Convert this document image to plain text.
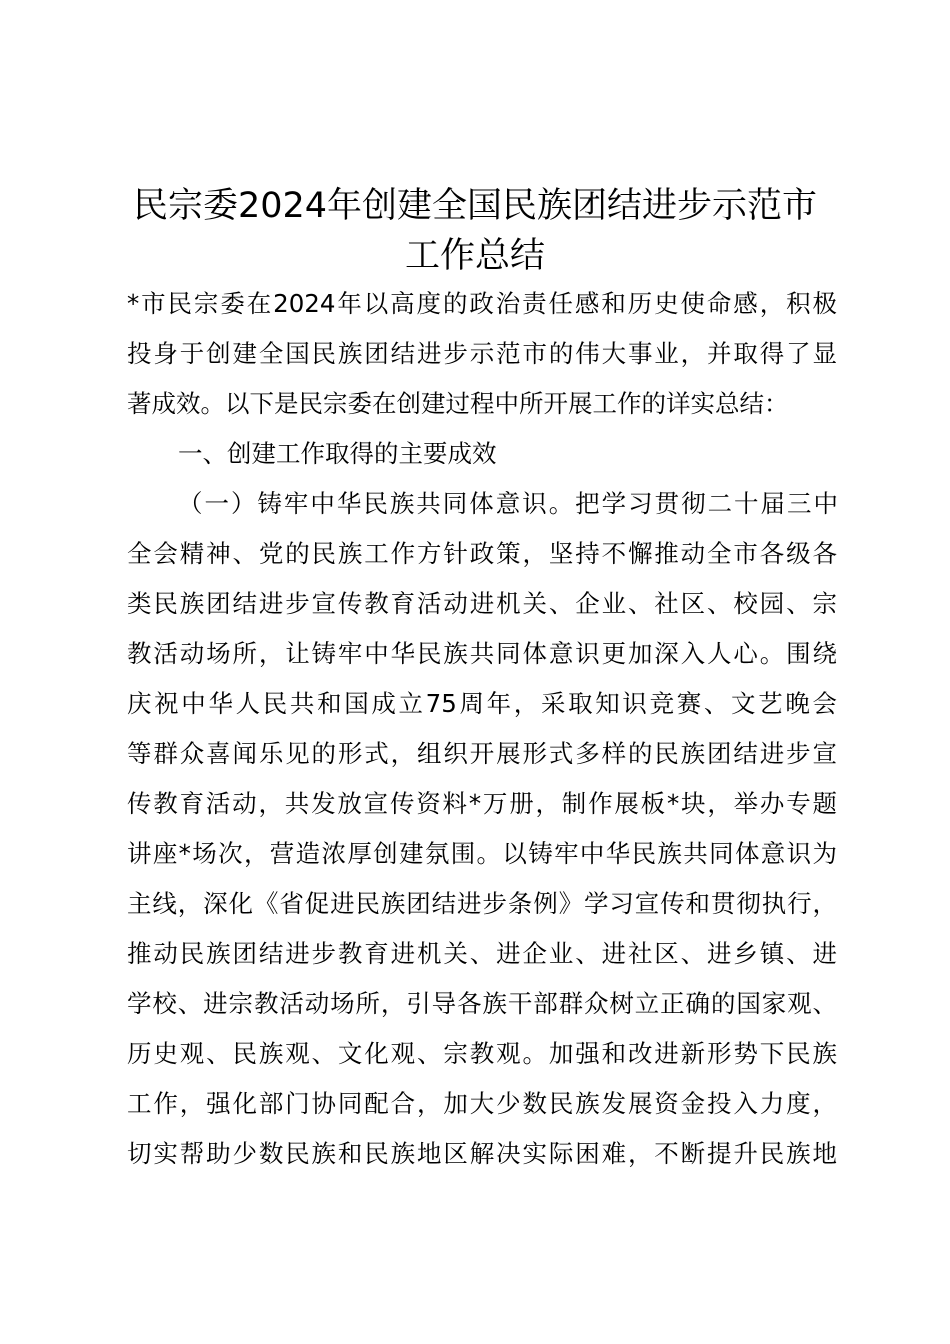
民宗委2024年创建全国民族团结进步示范市
工作总结
*市民宗委在2024年以高度的政治责任感和历史使命感，积极
投身于创建全国民族团结进步示范市的伟大事业，并取得了显
著成效。以下是民宗委在创建过程中所开展工作的详实总结：
一、创建工作取得的主要成效
（一）铸牢中华民族共同体意识。把学习贯彻二十届三中
全会精神、党的民族工作方针政策，坚持不懈推动全市各级各
类民族团结进步宣传教育活动进机关、企业、社区、校园、宗
教活动场所，让铸牢中华民族共同体意识更加深入人心。围绕
庆祝中华人民共和国成立75周年，采取知识竞赛、文艺晚会
等群众喜闻乐见的形式，组织开展形式多样的民族团结进步宣
传教育活动，共发放宣传资料*万册，制作展板*块，举办专题
讲座*场次，营造浓厚创建氛围。以铸牢中华民族共同体意识为
主线，深化《省促进民族团结进步条例》学习宣传和贯彻执行，
推动民族团结进步教育进机关、进企业、进社区、进乡镇、进
学校、进宗教活动场所，引导各族干部群众树立正确的国家观、
历史观、民族观、文化观、宗教观。加强和改进新形势下民族
工作，强化部门协同配合，加大少数民族发展资金投入力度，
切实帮助少数民族和民族地区解决实际困难，不断提升民族地
